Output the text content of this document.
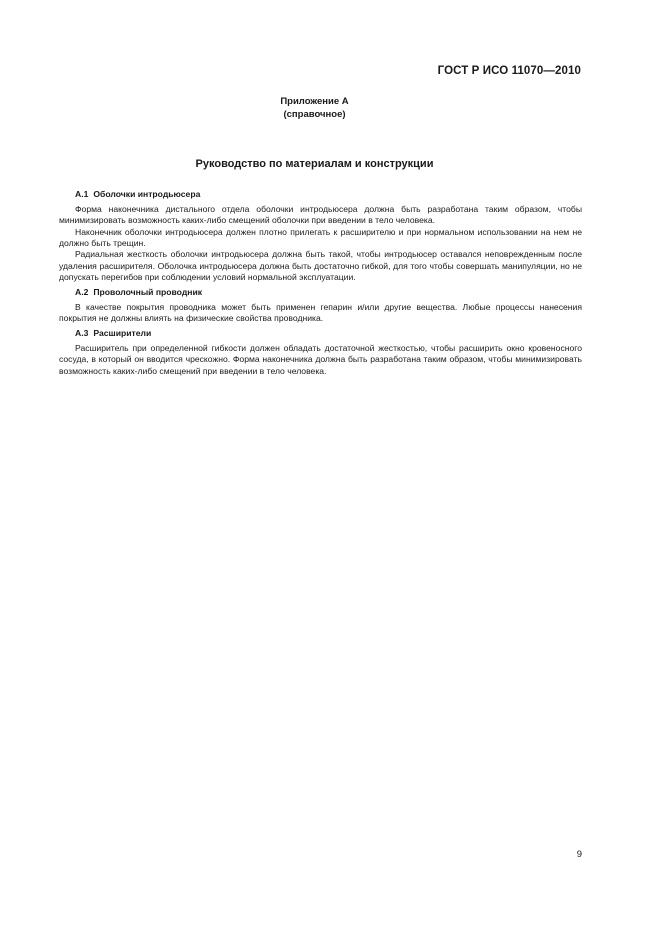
ГОСТ Р ИСО 11070—2010
Приложение А
(справочное)
Руководство по материалам и конструкции
А.1 Оболочки интродьюсера

Форма наконечника дистального отдела оболочки интродьюсера должна быть разработана таким образом, чтобы минимизировать возможность каких-либо смещений оболочки при введении в тело человека.

Наконечник оболочки интродьюсера должен плотно прилегать к расширителю и при нормальном использовании на нем не должно быть трещин.

Радиальная жесткость оболочки интродьюсера должна быть такой, чтобы интродьюсер оставался неповрежденным после удаления расширителя. Оболочка интродьюсера должна быть достаточно гибкой, для того чтобы совершать манипуляции, но не допускать перегибов при соблюдении условий нормальной эксплуатации.

А.2 Проволочный проводник

В качестве покрытия проводника может быть применен гепарин и/или другие вещества. Любые процессы нанесения покрытия не должны влиять на физические свойства проводника.

А.3 Расширители

Расширитель при определенной гибкости должен обладать достаточной жесткостью, чтобы расширить окно кровеносного сосуда, в который он вводится чрескожно. Форма наконечника должна быть разработана таким образом, чтобы минимизировать возможность каких-либо смещений при введении в тело человека.

9
